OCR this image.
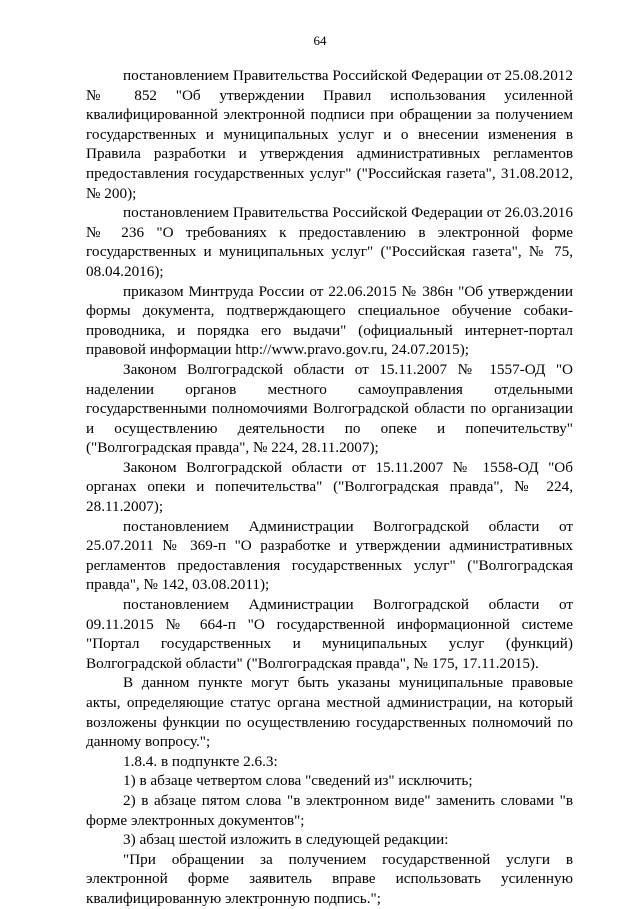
64

постановлением Правительства Российской Федерации от 25.08.2012 № 852 "Об утверждении Правил использования усиленной квалифицированной электронной подписи при обращении за получением государственных и муниципальных услуг и о внесении изменения в Правила разработки и утверждения административных регламентов предоставления государственных услуг" ("Российская газета", 31.08.2012, № 200);

постановлением Правительства Российской Федерации от 26.03.2016 № 236 "О требованиях к предоставлению в электронной форме государственных и муниципальных услуг" ("Российская газета", № 75, 08.04.2016);

приказом Минтруда России от 22.06.2015 № 386н "Об утверждении формы документа, подтверждающего специальное обучение собаки-проводника, и порядка его выдачи" (официальный интернет-портал правовой информации http://www.pravo.gov.ru, 24.07.2015);

Законом Волгоградской области от 15.11.2007 № 1557-ОД "О наделении органов местного самоуправления отдельными государственными полномочиями Волгоградской области по организации и осуществлению деятельности по опеке и попечительству" ("Волгоградская правда", № 224, 28.11.2007);

Законом Волгоградской области от 15.11.2007 № 1558-ОД "Об органах опеки и попечительства" ("Волгоградская правда", № 224, 28.11.2007);

постановлением Администрации Волгоградской области от 25.07.2011 № 369-п "О разработке и утверждении административных регламентов предоставления государственных услуг" ("Волгоградская правда", № 142, 03.08.2011);

постановлением Администрации Волгоградской области от 09.11.2015 № 664-п "О государственной информационной системе "Портал государственных и муниципальных услуг (функций) Волгоградской области" ("Волгоградская правда", № 175, 17.11.2015).

В данном пункте могут быть указаны муниципальные правовые акты, определяющие статус органа местной администрации, на который возложены функции по осуществлению государственных полномочий по данному вопросу.";

1.8.4. в подпункте 2.6.3:

1) в абзаце четвертом слова "сведений из" исключить;

2) в абзаце пятом слова "в электронном виде" заменить словами "в форме электронных документов";

3) абзац шестой изложить в следующей редакции:

"При обращении за получением государственной услуги в электронной форме заявитель вправе использовать усиленную квалифицированную электронную подпись.";
